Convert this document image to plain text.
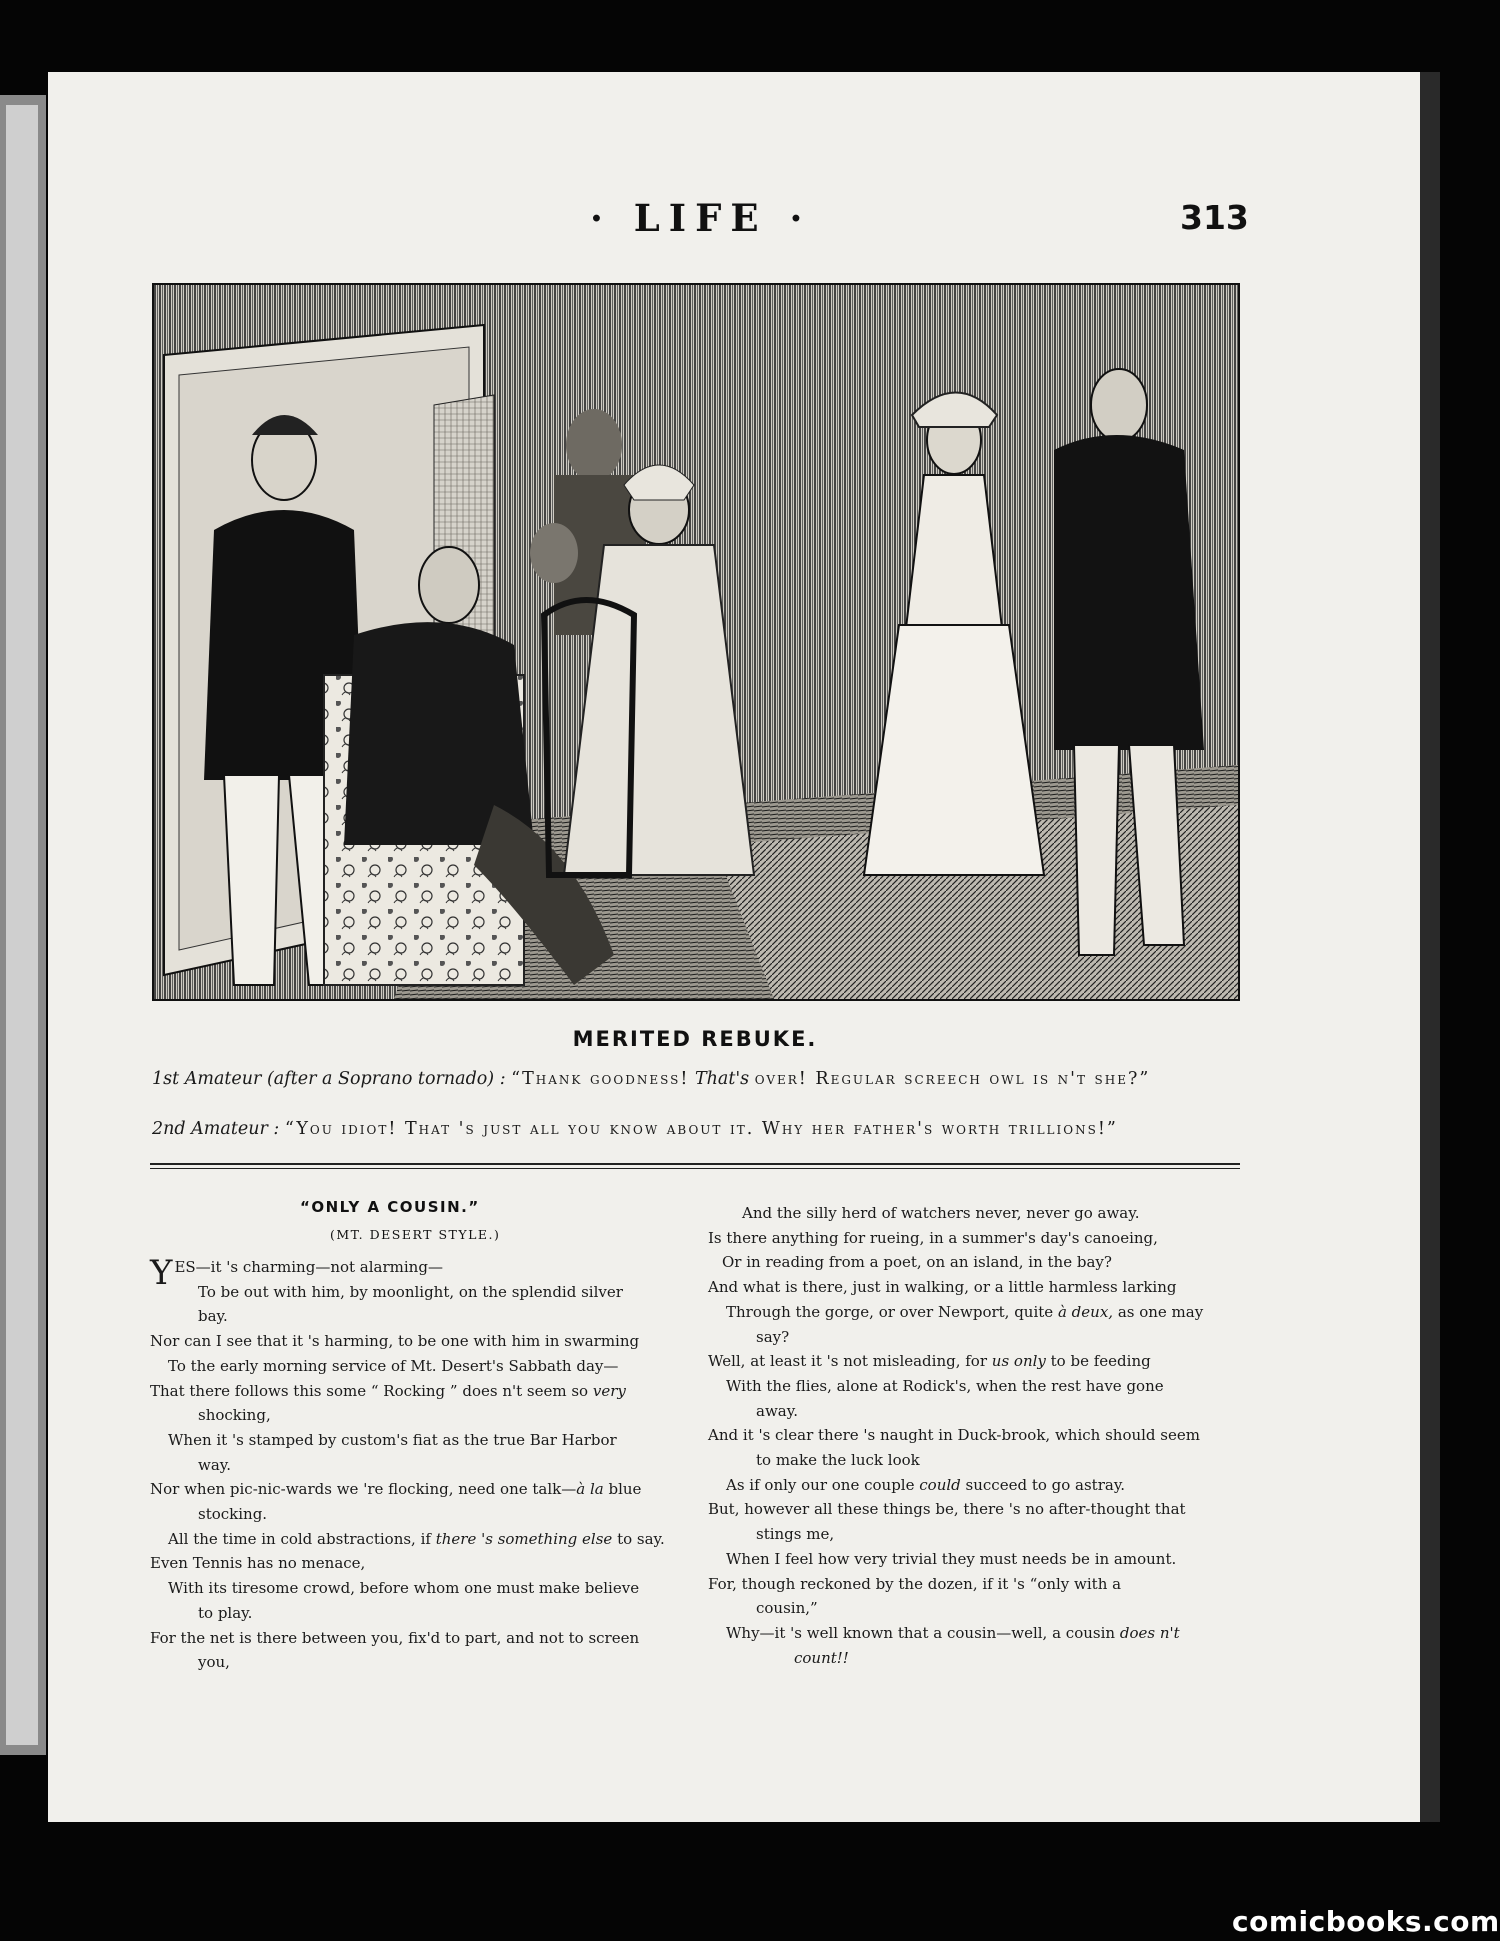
· LIFE ·	313
MERITED REBUKE.
1st Amateur (after a Soprano tornado) : “Thank goodness! That's over! Regular screech owl is n't she?”
2nd Amateur : “You idiot! That 's just all you know about it. Why her father's worth trillions!”
“ONLY A COUSIN.”
(MT. DESERT STYLE.)
YES—it 's charming—not alarming—
To be out with him, by moonlight, on the splendid silver
bay.
Nor can I see that it 's harming, to be one with him in swarming
To the early morning service of Mt. Desert's Sabbath day—
That there follows this some “ Rocking ” does n't seem so very
shocking,
When it 's stamped by custom's fiat as the true Bar Harbor
way.
Nor when pic-nic-wards we 're flocking, need one talk—à la blue
stocking.
All the time in cold abstractions, if there 's something else to say.
Even Tennis has no menace,
With its tiresome crowd, before whom one must make believe
to play.
For the net is there between you, fix'd to part, and not to screen
you,
And the silly herd of watchers never, never go away.
Is there anything for rueing, in a summer's day's canoeing,
Or in reading from a poet, on an island, in the bay?
And what is there, just in walking, or a little harmless larking
Through the gorge, or over Newport, quite à deux, as one may
say?
Well, at least it 's not misleading, for us only to be feeding
With the flies, alone at Rodick's, when the rest have gone
away.
And it 's clear there 's naught in Duck-brook, which should seem
to make the luck look
As if only our one couple could succeed to go astray.
But, however all these things be, there 's no after-thought that
stings me,
When I feel how very trivial they must needs be in amount.
For, though reckoned by the dozen, if it 's “only with a
cousin,”
Why—it 's well known that a cousin—well, a cousin does n't
count!!
comicbooks.com
